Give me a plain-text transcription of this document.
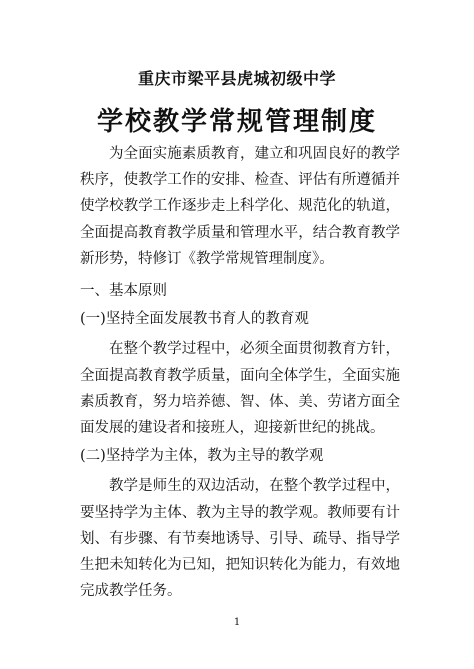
重庆市梁平县虎城初级中学
学校教学常规管理制度

为全面实施素质教育，建立和巩固良好的教学秩序，使教学工作的安排、检查、评估有所遵循并使学校教学工作逐步走上科学化、规范化的轨道，全面提高教育教学质量和管理水平，结合教育教学新形势，特修订《教学常规管理制度》。

一、基本原则

(一)坚持全面发展教书育人的教育观

在整个教学过程中，必须全面贯彻教育方针，全面提高教育教学质量，面向全体学生，全面实施素质教育，努力培养德、智、体、美、劳诸方面全面发展的建设者和接班人，迎接新世纪的挑战。

(二)坚持学为主体，教为主导的教学观

教学是师生的双边活动，在整个教学过程中，要坚持学为主体、教为主导的教学观。教师要有计划、有步骤、有节奏地诱导、引导、疏导、指导学生把未知转化为已知，把知识转化为能力，有效地完成教学任务。

1
